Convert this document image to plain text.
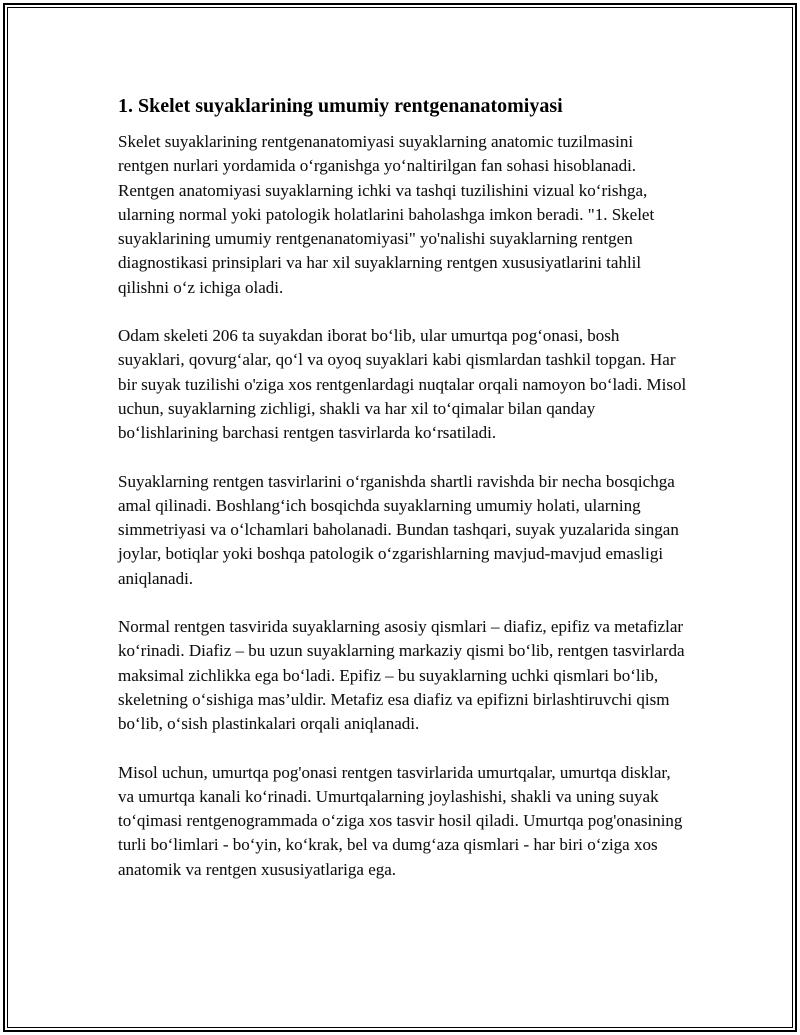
1. Skelet suyaklarining umumiy rentgenanatomiyasi

Skelet suyaklarining rentgenanatomiyasi suyaklarning anatomic tuzilmasini rentgen nurlari yordamida o‘rganishga yo‘naltirilgan fan sohasi hisoblanadi. Rentgen anatomiyasi suyaklarning ichki va tashqi tuzilishini vizual ko‘rishga, ularning normal yoki patologik holatlarini baholashga imkon beradi. "1. Skelet suyaklarining umumiy rentgenanatomiyasi" yo'nalishi suyaklarning rentgen diagnostikasi prinsiplari va har xil suyaklarning rentgen xususiyatlarini tahlil qilishni o‘z ichiga oladi.

Odam skeleti 206 ta suyakdan iborat bo‘lib, ular umurtqa pog‘onasi, bosh suyaklari, qovurg‘alar, qo‘l va oyoq suyaklari kabi qismlardan tashkil topgan. Har bir suyak tuzilishi o'ziga xos rentgenlardagi nuqtalar orqali namoyon bo‘ladi. Misol uchun, suyaklarning zichligi, shakli va har xil to‘qimalar bilan qanday bo‘lishlarining barchasi rentgen tasvirlarda ko‘rsatiladi.

Suyaklarning rentgen tasvirlarini o‘rganishda shartli ravishda bir necha bosqichga amal qilinadi. Boshlang‘ich bosqichda suyaklarning umumiy holati, ularning simmetriyasi va o‘lchamlari baholanadi. Bundan tashqari, suyak yuzalarida singan joylar, botiqlar yoki boshqa patologik o‘zgarishlarning mavjud-mavjud emasligi aniqlanadi.

Normal rentgen tasvirida suyaklarning asosiy qismlari – diafiz, epifiz va metafizlar ko‘rinadi. Diafiz – bu uzun suyaklarning markaziy qismi bo‘lib, rentgen tasvirlarda maksimal zichlikka ega bo‘ladi. Epifiz – bu suyaklarning uchki qismlari bo‘lib, skeletning o‘sishiga mas’uldir. Metafiz esa diafiz va epifizni birlashtiruvchi qism bo‘lib, o‘sish plastinkalari orqali aniqlanadi.

Misol uchun, umurtqa pog'onasi rentgen tasvirlarida umurtqalar, umurtqa disklar, va umurtqa kanali ko‘rinadi. Umurtqalarning joylashishi, shakli va uning suyak to‘qimasi rentgenogrammada o‘ziga xos tasvir hosil qiladi. Umurtqa pog'onasining turli bo‘limlari - bo‘yin, ko‘krak, bel va dumg‘aza qismlari - har biri o‘ziga xos anatomik va rentgen xususiyatlariga ega.
